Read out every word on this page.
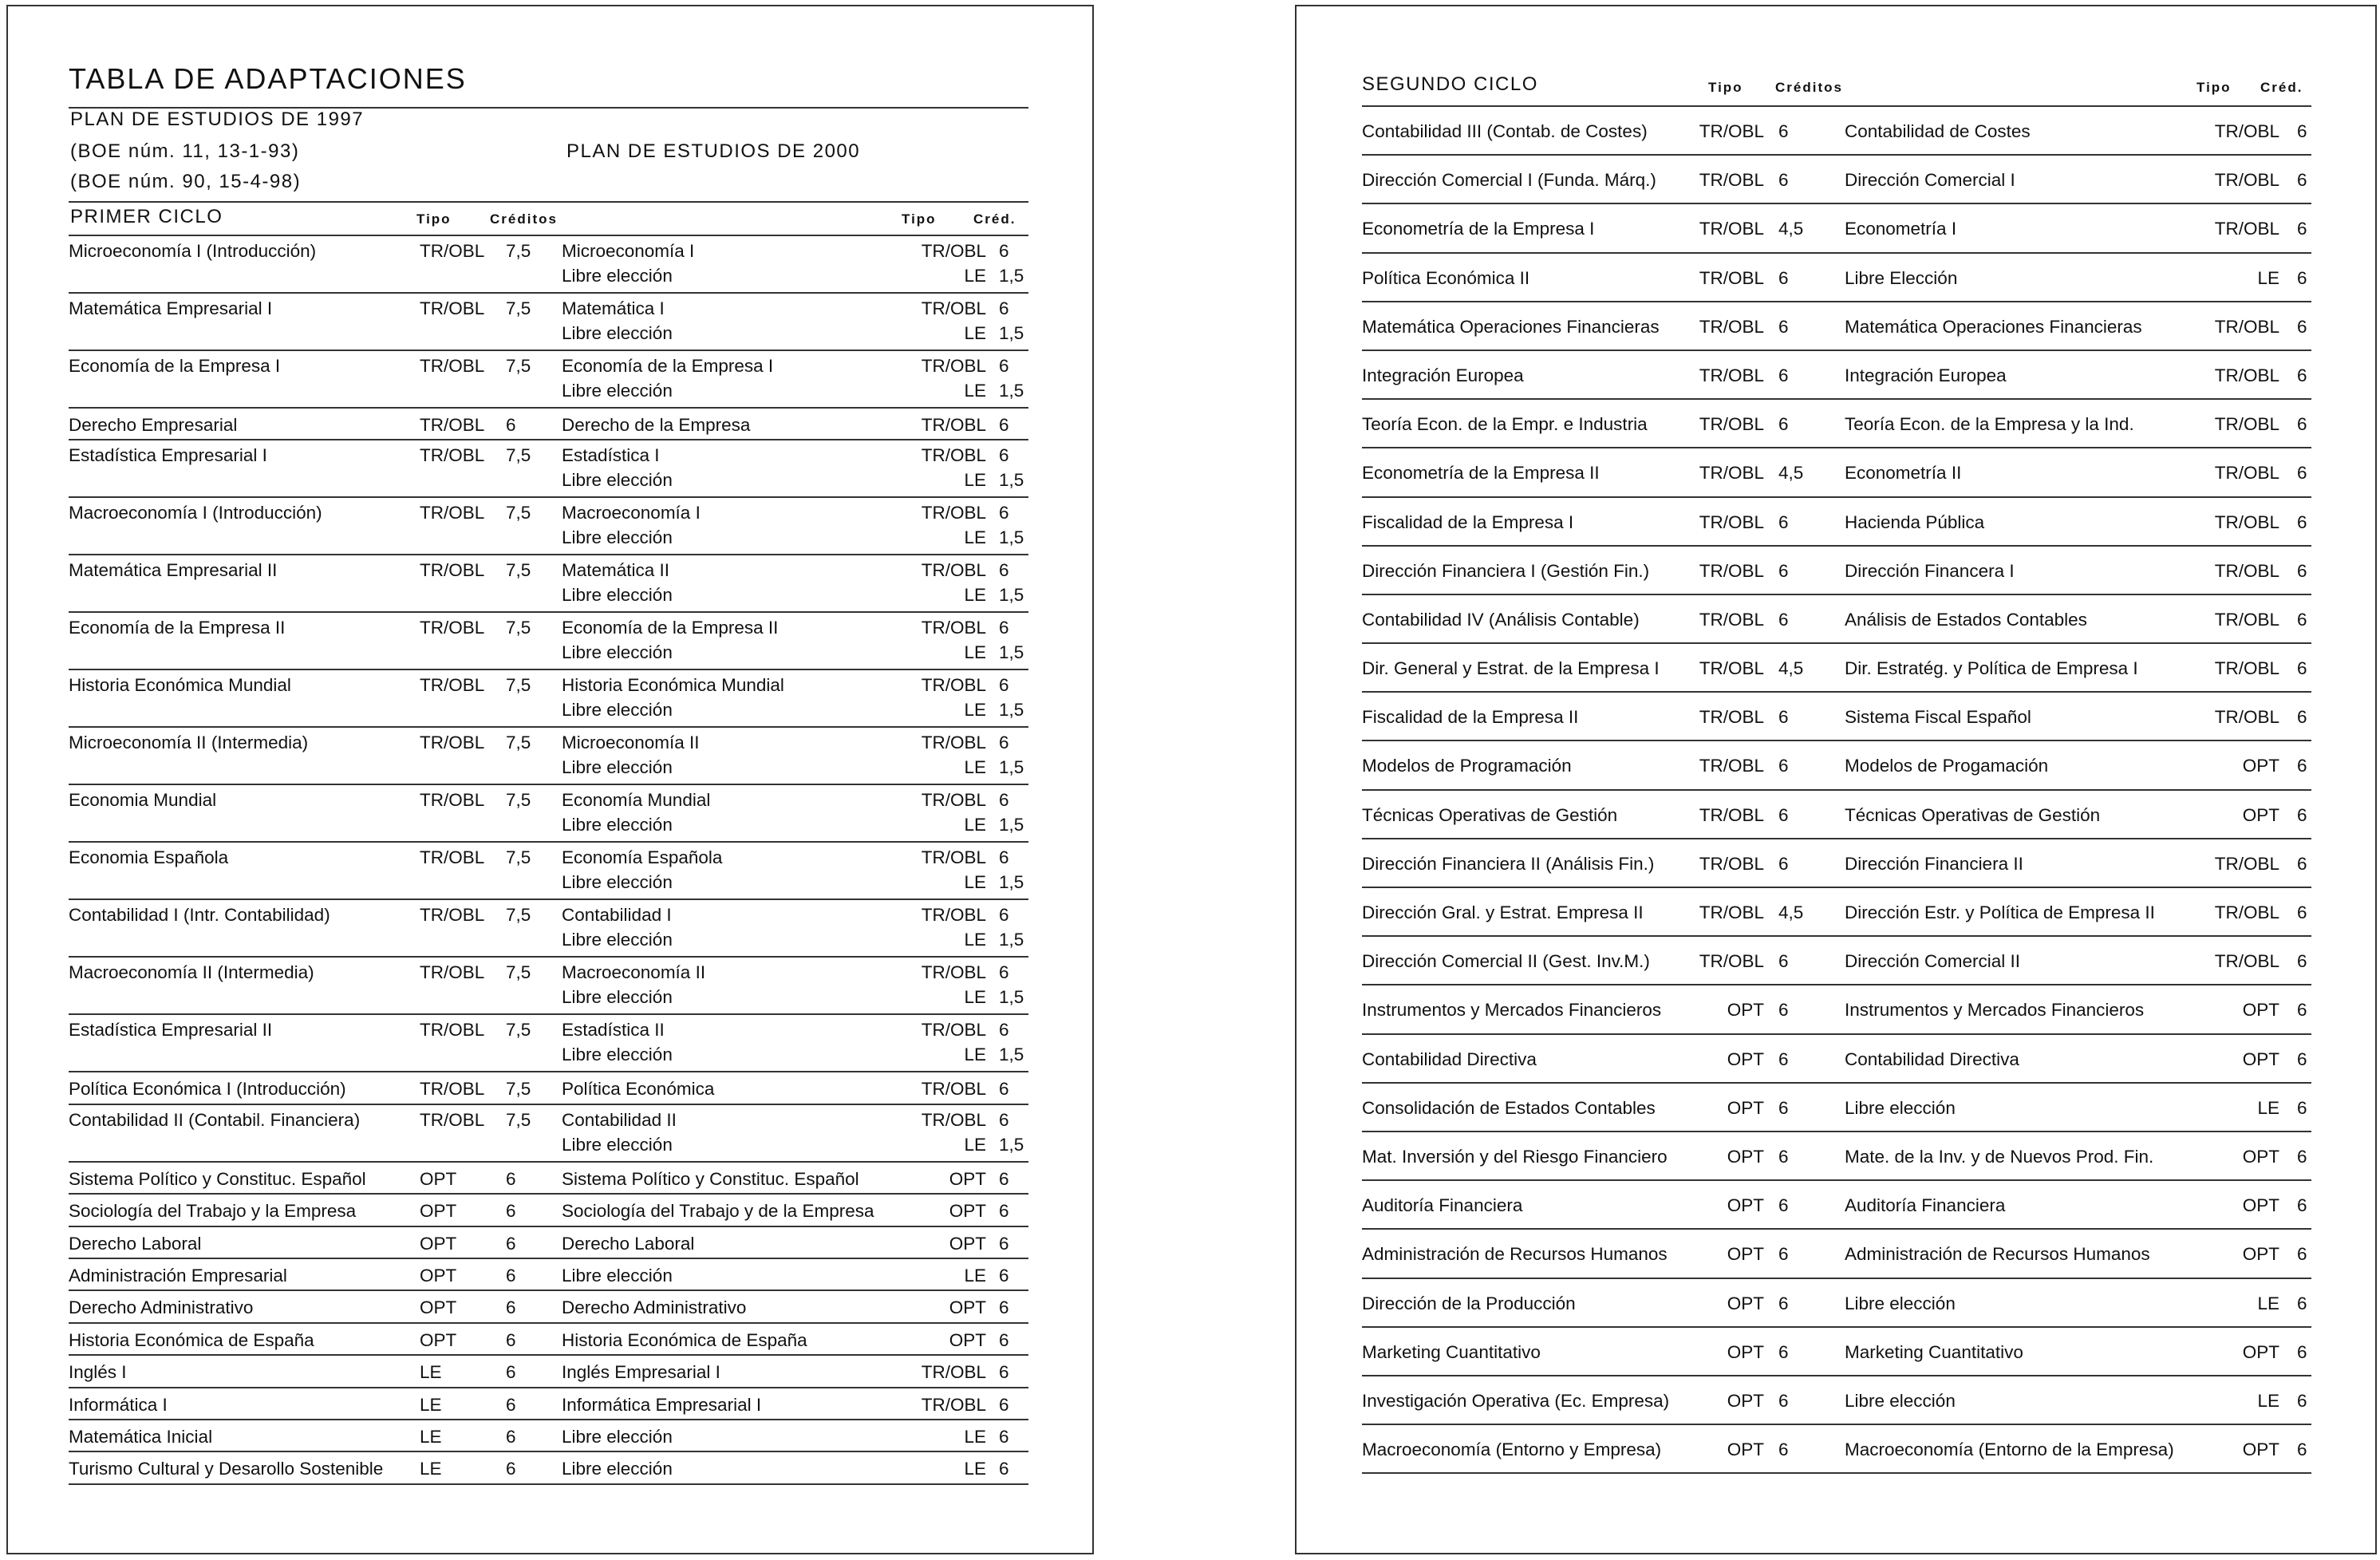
TABLA DE ADAPTACIONES
PLAN DE ESTUDIOS DE 1997
(BOE núm. 11, 13-1-93)
(BOE núm. 90, 15-4-98)
PLAN DE ESTUDIOS DE 2000
PRIMER CICLO	Tipo	Créditos	Tipo	Créd.
Microeconomía I (Introducción)	TR/OBL 7,5 Microeconomía I	TR/OBL 6
Libre elección	LE 1,5
Matemática Empresarial I	TR/OBL 7,5 Matemática I	TR/OBL 6
Libre elección	LE 1,5
Economía de la Empresa I	TR/OBL 7,5 Economía de la Empresa I	TR/OBL 6
Libre elección	LE 1,5
Derecho Empresarial	TR/OBL 6	Derecho de la Empresa	TR/OBL 6
Estadística Empresarial I	TR/OBL 7,5 Estadística I	TR/OBL 6
Libre elección	LE 1,5
Macroeconomía I (Introducción)	TR/OBL 7,5 Macroeconomía I	TR/OBL 6
Libre elección	LE 1,5
Matemática Empresarial II	TR/OBL 7,5 Matemática II	TR/OBL 6
Libre elección	LE 1,5
Economía de la Empresa II	TR/OBL 7,5 Economía de la Empresa II	TR/OBL 6
Libre elección	LE 1,5
Historia Económica Mundial	TR/OBL 7,5 Historia Económica Mundial	TR/OBL 6
Libre elección	LE 1,5
Microeconomía II (Intermedia)	TR/OBL 7,5 Microeconomía II	TR/OBL 6
Libre elección	LE 1,5
Economia Mundial	TR/OBL 7,5 Economía Mundial	TR/OBL 6
Libre elección	LE 1,5
Economia Española	TR/OBL 7,5 Economía Española	TR/OBL 6
Libre elección	LE 1,5
Contabilidad I (Intr. Contabilidad)	TR/OBL 7,5 Contabilidad I	TR/OBL 6
Libre elección	LE 1,5
Macroeconomía II (Intermedia)	TR/OBL 7,5 Macroeconomía II	TR/OBL 6
Libre elección	LE 1,5
Estadística Empresarial II	TR/OBL 7,5 Estadística II	TR/OBL 6
Libre elección	LE 1,5
Política Económica I (Introducción)	TR/OBL 7,5 Política Económica	TR/OBL 6
Contabilidad II (Contabil. Financiera)	TR/OBL 7,5 Contabilidad II	TR/OBL 6
Libre elección	LE 1,5
Sistema Político y Constituc. Español	OPT	6	Sistema Político y Constituc. Español	OPT 6
Sociología del Trabajo y la Empresa	OPT	6	Sociología del Trabajo y de la Empresa	OPT 6
Derecho Laboral	OPT	6	Derecho Laboral	OPT 6
Administración Empresarial	OPT	6	Libre elección	LE 6
Derecho Administrativo	OPT	6	Derecho Administrativo	OPT 6
Historia Económica de España	OPT	6	Historia Económica de España	OPT 6
Inglés I	LE	6	Inglés Empresarial I	TR/OBL 6
Informática I	LE	6	Informática Empresarial I	TR/OBL 6
Matemática Inicial	LE	6	Libre elección	LE 6
Turismo Cultural y Desarollo Sostenible LE	6	Libre elección	LE 6
SEGUNDO CICLO	Tipo Créditos	Tipo Créd.
Contabilidad III (Contab. de Costes)	TR/OBL 6	Contabilidad de Costes	TR/OBL 6
Dirección Comercial I (Funda. Márq.) TR/OBL 6	Dirección Comercial I	TR/OBL 6
Econometría de la Empresa I	TR/OBL 4,5 Econometría I	TR/OBL 6
Política Económica II	TR/OBL 6	Libre Elección	LE 6
Matemática Operaciones Financieras TR/OBL 6	Matemática Operaciones Financieras	TR/OBL 6
Integración Europea	TR/OBL 6	Integración Europea	TR/OBL 6
Teoría Econ. de la Empr. e Industria	TR/OBL 6	Teoría Econ. de la Empresa y la Ind.	TR/OBL 6
Econometría de la Empresa II	TR/OBL 4,5 Econometría II	TR/OBL 6
Fiscalidad de la Empresa I	TR/OBL 6	Hacienda Pública	TR/OBL 6
Dirección Financiera I (Gestión Fin.)	TR/OBL 6	Dirección Financera I	TR/OBL 6
Contabilidad IV (Análisis Contable)	TR/OBL 6	Análisis de Estados Contables	TR/OBL 6
Dir. General y Estrat. de la Empresa I TR/OBL 4,5 Dir. Estratég. y Política de Empresa I	TR/OBL 6
Fiscalidad de la Empresa II	TR/OBL 6	Sistema Fiscal Español	TR/OBL 6
Modelos de Programación	TR/OBL 6	Modelos de Progamación	OPT 6
Técnicas Operativas de Gestión	TR/OBL 6	Técnicas Operativas de Gestión	OPT 6
Dirección Financiera II (Análisis Fin.)	TR/OBL 6	Dirección Financiera II	TR/OBL 6
Dirección Gral. y Estrat. Empresa II	TR/OBL 4,5 Dirección Estr. y Política de Empresa II	TR/OBL 6
Dirección Comercial II (Gest. Inv.M.)	TR/OBL 6	Dirección Comercial II	TR/OBL 6
Instrumentos y Mercados Financieros	OPT 6	Instrumentos y Mercados Financieros	OPT 6
Contabilidad Directiva	OPT 6	Contabilidad Directiva	OPT 6
Consolidación de Estados Contables	OPT 6	Libre elección	LE 6
Mat. Inversión y del Riesgo Financiero	OPT 6	Mate. de la Inv. y de Nuevos Prod. Fin.	OPT 6
Auditoría Financiera	OPT 6	Auditoría Financiera	OPT 6
Administración de Recursos Humanos	OPT 6	Administración de Recursos Humanos	OPT 6
Dirección de la Producción	OPT 6	Libre elección	LE 6
Marketing Cuantitativo	OPT 6	Marketing Cuantitativo	OPT 6
Investigación Operativa (Ec. Empresa)	OPT 6	Libre elección	LE 6
Macroeconomía (Entorno y Empresa)	OPT 6	Macroeconomía (Entorno de la Empresa)	OPT 6
